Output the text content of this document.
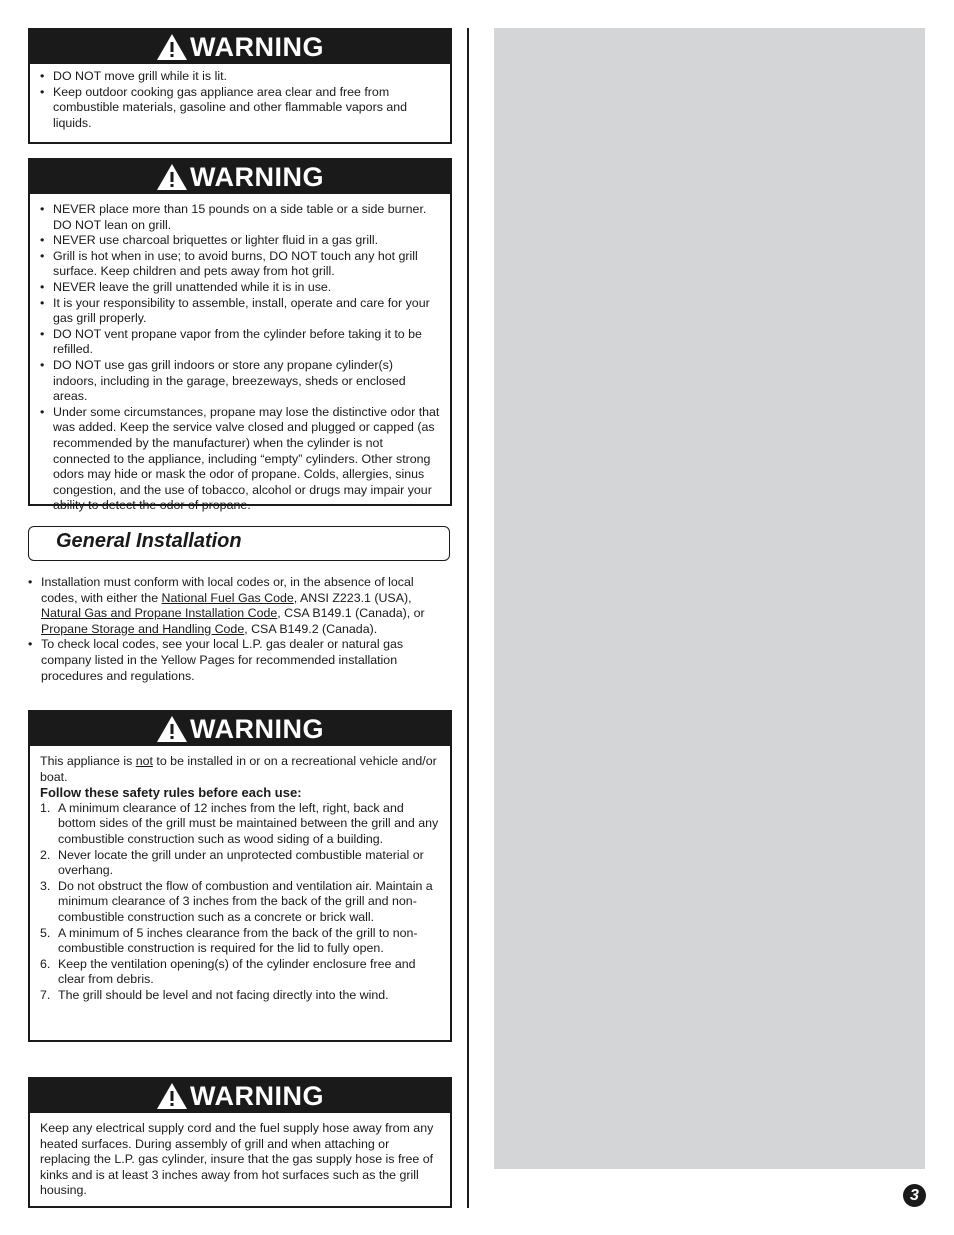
WARNING
• DO NOT move grill while it is lit.
• Keep outdoor cooking gas appliance area clear and free from combustible materials, gasoline and other flammable vapors and liquids.
WARNING
• NEVER place more than 15 pounds on a side table or a side burner. DO NOT lean on grill.
• NEVER use charcoal briquettes or lighter fluid in a gas grill.
• Grill is hot when in use; to avoid burns, DO NOT touch any hot grill surface. Keep children and pets away from hot grill.
• NEVER leave the grill unattended while it is in use.
• It is your responsibility to assemble, install, operate and care for your gas grill properly.
• DO NOT vent propane vapor from the cylinder before taking it to be refilled.
• DO NOT use gas grill indoors or store any propane cylinder(s) indoors, including in the garage, breezeways, sheds or enclosed areas.
• Under some circumstances, propane may lose the distinctive odor that was added. Keep the service valve closed and plugged or capped (as recommended by the manufacturer) when the cylinder is not connected to the appliance, including “empty” cylinders. Other strong odors may hide or mask the odor of propane. Colds, allergies, sinus congestion, and the use of tobacco, alcohol or drugs may impair your ability to detect the odor of propane.
General Installation
• Installation must conform with local codes or, in the absence of local codes, with either the National Fuel Gas Code, ANSI Z223.1 (USA), Natural Gas and Propane Installation Code, CSA B149.1 (Canada), or Propane Storage and Handling Code, CSA B149.2 (Canada).
• To check local codes, see your local L.P. gas dealer or natural gas company listed in the Yellow Pages for recommended installation procedures and regulations.
WARNING
This appliance is not to be installed in or on a recreational vehicle and/or boat.
Follow these safety rules before each use:
1. A minimum clearance of 12 inches from the left, right, back and bottom sides of the grill must be maintained between the grill and any combustible construction such as wood siding of a building.
2. Never locate the grill under an unprotected combustible material or overhang.
3. Do not obstruct the flow of combustion and ventilation air. Maintain a minimum clearance of 3 inches from the back of the grill and non-combustible construction such as a concrete or brick wall.
5. A minimum of 5 inches clearance from the back of the grill to non-combustible construction is required for the lid to fully open.
6. Keep the ventilation opening(s) of the cylinder enclosure free and clear from debris.
7. The grill should be level and not facing directly into the wind.
WARNING
Keep any electrical supply cord and the fuel supply hose away from any heated surfaces. During assembly of grill and when attaching or replacing the L.P. gas cylinder, insure that the gas supply hose is free of kinks and is at least 3 inches away from hot surfaces such as the grill housing.	3
